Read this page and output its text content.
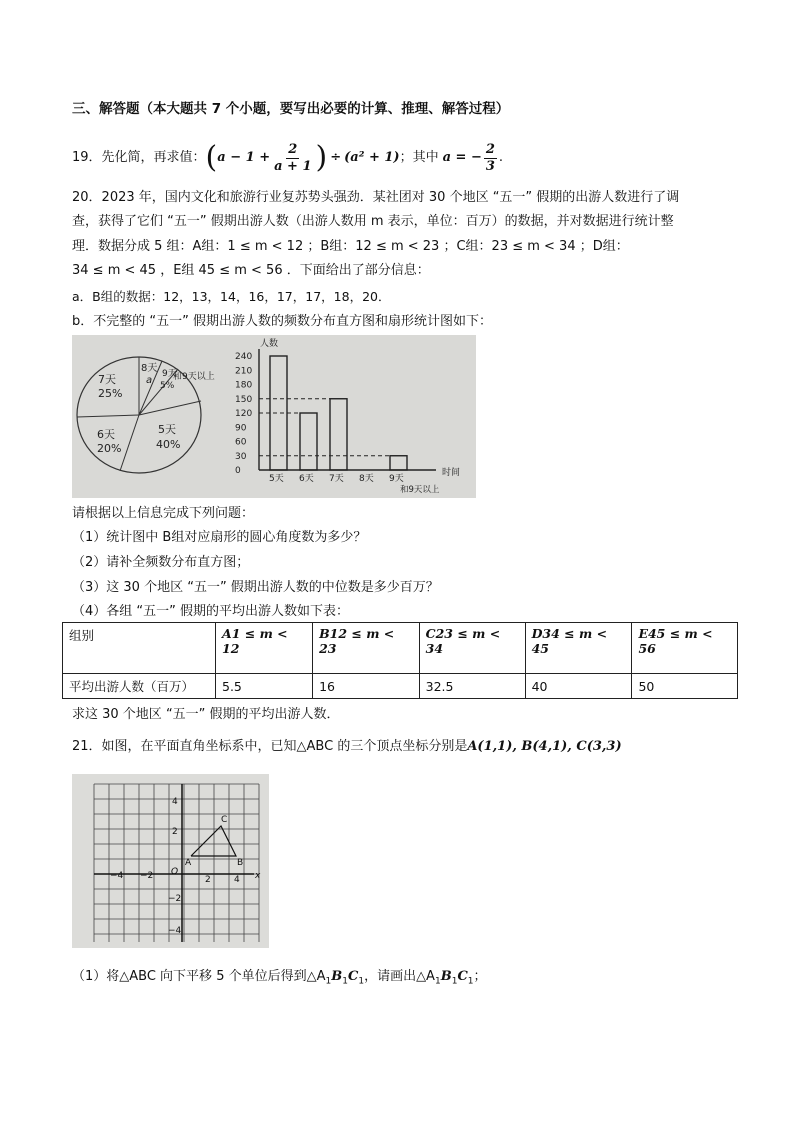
三、解答题（本大题共 7 个小题，要写出必要的计算、推理、解答过程）
19．先化简，再求值： ( $a - 1 + \frac{2}{a + 1}$ ) ÷ (a² + 1) ；其中 a = − $\frac{2}{3}$ .
20．2023 年，国内文化和旅游行业复苏势头强劲．某社团对 30 个地区 “五一” 假期的出游人数进行了调
查，获得了它们 “五一” 假期出游人数（出游人数用 m 表示，单位：百万）的数据，并对数据进行统计整
理．数据分成 5 组：A组：1 ≤ m < 12 ；B组：12 ≤ m < 23 ；C组：23 ≤ m < 34 ；D组：
34 ≤ m < 45 ，E组 45 ≤ m < 56 ．下面给出了部分信息：
a．B组的数据：12，13，14，16，17，17，18，20．
b．不完整的 “五一” 假期出游人数的频数分布直方图和扇形统计图如下：
7天
25%
8天
a
9天
5%
和9天以上
6天
20%
5天
40%
人数
时间
0
30
60
90
120
150
180
210
240
5天 6天 7天 8天 9天
和9天以上
请根据以上信息完成下列问题：
（1）统计图中 B组对应扇形的圆心角度数为多少？
（2）请补全频数分布直方图；
（3）这 30 个地区 “五一” 假期出游人数的中位数是多少百万？
（4）各组 “五一” 假期的平均出游人数如下表：
组别	A1 ≤ m < 12	B12 ≤ m < 23	C23 ≤ m < 34	D34 ≤ m < 45	E45 ≤ m < 56
平均出游人数（百万）	5.5	16	32.5	40	50
求这 30 个地区 “五一” 假期的平均出游人数．
21．如图，在平面直角坐标系中，已知△ABC 的三个顶点坐标分别是A(1,1), B(4,1), C(3,3)
4
2
−2
−4
−4 −2 O
2	4 x
A	B
C
（1）将△ABC 向下平移 5 个单位后得到$\triangle A_1B_1C_1$，请画出$\triangle A_1B_1C_1$；
